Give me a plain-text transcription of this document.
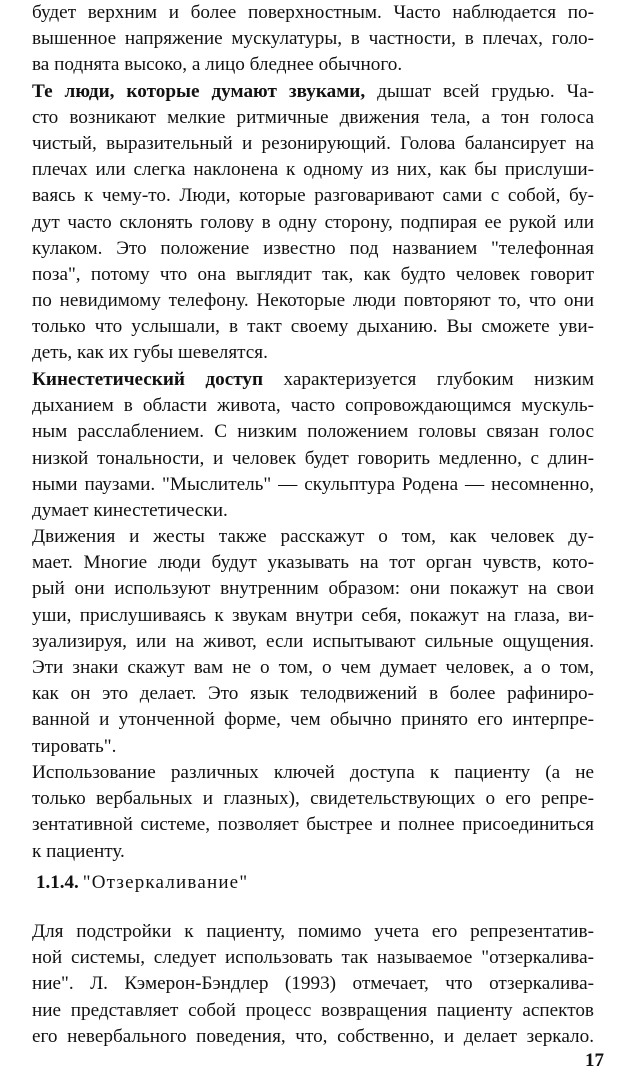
будет верхним и более поверхностным. Часто наблюдается по-
вышенное напряжение мускулатуры, в частности, в плечах, голо-
ва поднята высоко, а лицо бледнее обычного.
Те люди, которые думают звуками, дышат всей грудью. Ча-
сто возникают мелкие ритмичные движения тела, а тон голоса
чистый, выразительный и резонирующий. Голова балансирует на
плечах или слегка наклонена к одному из них, как бы прислуши-
ваясь к чему-то. Люди, которые разговаривают сами с собой, бу-
дут часто склонять голову в одну сторону, подпирая ее рукой или
кулаком. Это положение известно под названием "телефонная
поза", потому что она выглядит так, как будто человек говорит
по невидимому телефону. Некоторые люди повторяют то, что они
только что услышали, в такт своему дыханию. Вы сможете уви-
деть, как их губы шевелятся.
Кинестетический доступ характеризуется глубоким низким
дыханием в области живота, часто сопровождающимся мускуль-
ным расслаблением. С низким положением головы связан голос
низкой тональности, и человек будет говорить медленно, с длин-
ными паузами. "Мыслитель" — скульптура Родена — несомненно,
думает кинестетически.
Движения и жесты также расскажут о том, как человек ду-
мает. Многие люди будут указывать на тот орган чувств, кото-
рый они используют внутренним образом: они покажут на свои
уши, прислушиваясь к звукам внутри себя, покажут на глаза, ви-
зуализируя, или на живот, если испытывают сильные ощущения.
Эти знаки скажут вам не о том, о чем думает человек, а о том,
как он это делает. Это язык телодвижений в более рафиниро-
ванной и утонченной форме, чем обычно принято его интерпре-
тировать".
Использование различных ключей доступа к пациенту (а не
только вербальных и глазных), свидетельствующих о его репре-
зентативной системе, позволяет быстрее и полнее присоединиться
к пациенту.
1.1.4. "Отзеркаливание"
Для подстройки к пациенту, помимо учета его репрезентатив-
ной системы, следует использовать так называемое "отзеркалива-
ние". Л. Кэмерон-Бэндлер (1993) отмечает, что отзеркалива-
ние представляет собой процесс возвращения пациенту аспектов
его невербального поведения, что, собственно, и делает зеркало.
17
